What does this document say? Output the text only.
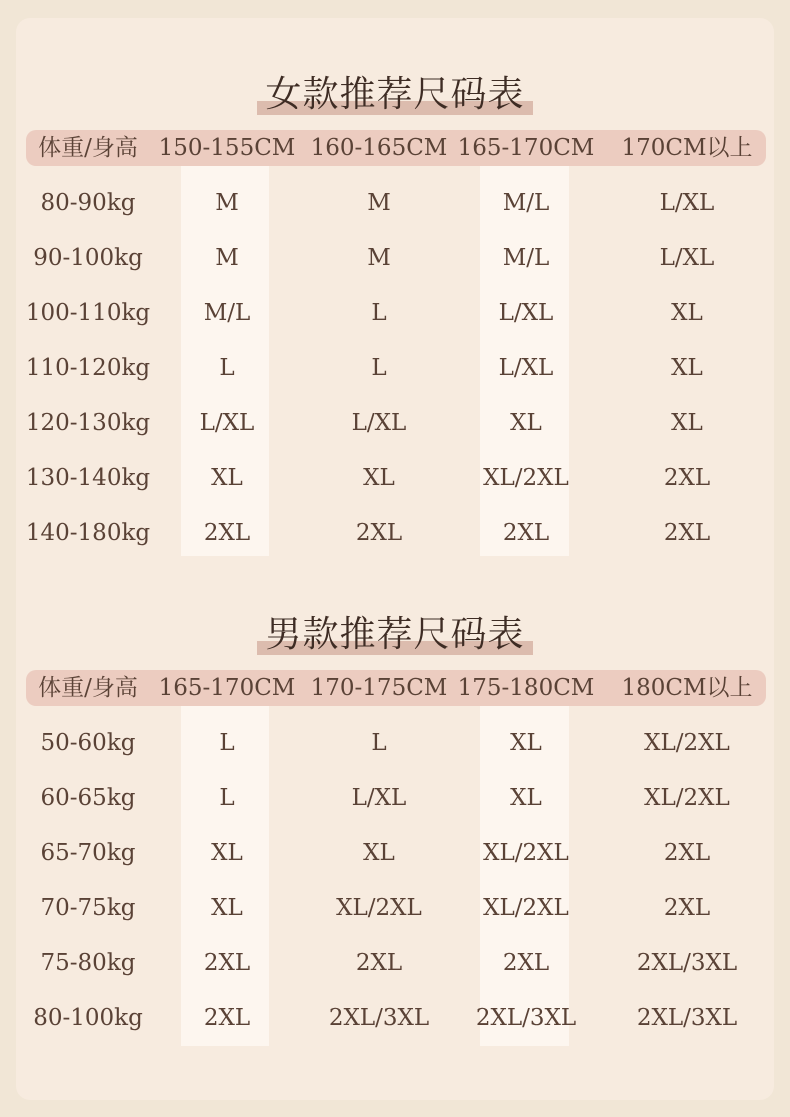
女款推荐尺码表
体重/身高 150-155CM 160-165CM 165-170CM	170CM以上
80-90kg	M	M	M/L	L/XL
90-100kg	M	M	M/L	L/XL
100-110kg	M/L	L	L/XL	XL
110-120kg	L	L	L/XL	XL
120-130kg	L/XL	L/XL	XL	XL
130-140kg	XL	XL	XL/2XL	2XL
140-180kg	2XL	2XL	2XL	2XL
男款推荐尺码表
体重/身高 165-170CM 170-175CM 175-180CM	180CM以上
50-60kg	L	L	XL	XL/2XL
60-65kg	L	L/XL	XL	XL/2XL
65-70kg	XL	XL	XL/2XL	2XL
70-75kg	XL	XL/2XL	XL/2XL	2XL
75-80kg	2XL	2XL	2XL	2XL/3XL
80-100kg	2XL	2XL/3XL	2XL/3XL	2XL/3XL
